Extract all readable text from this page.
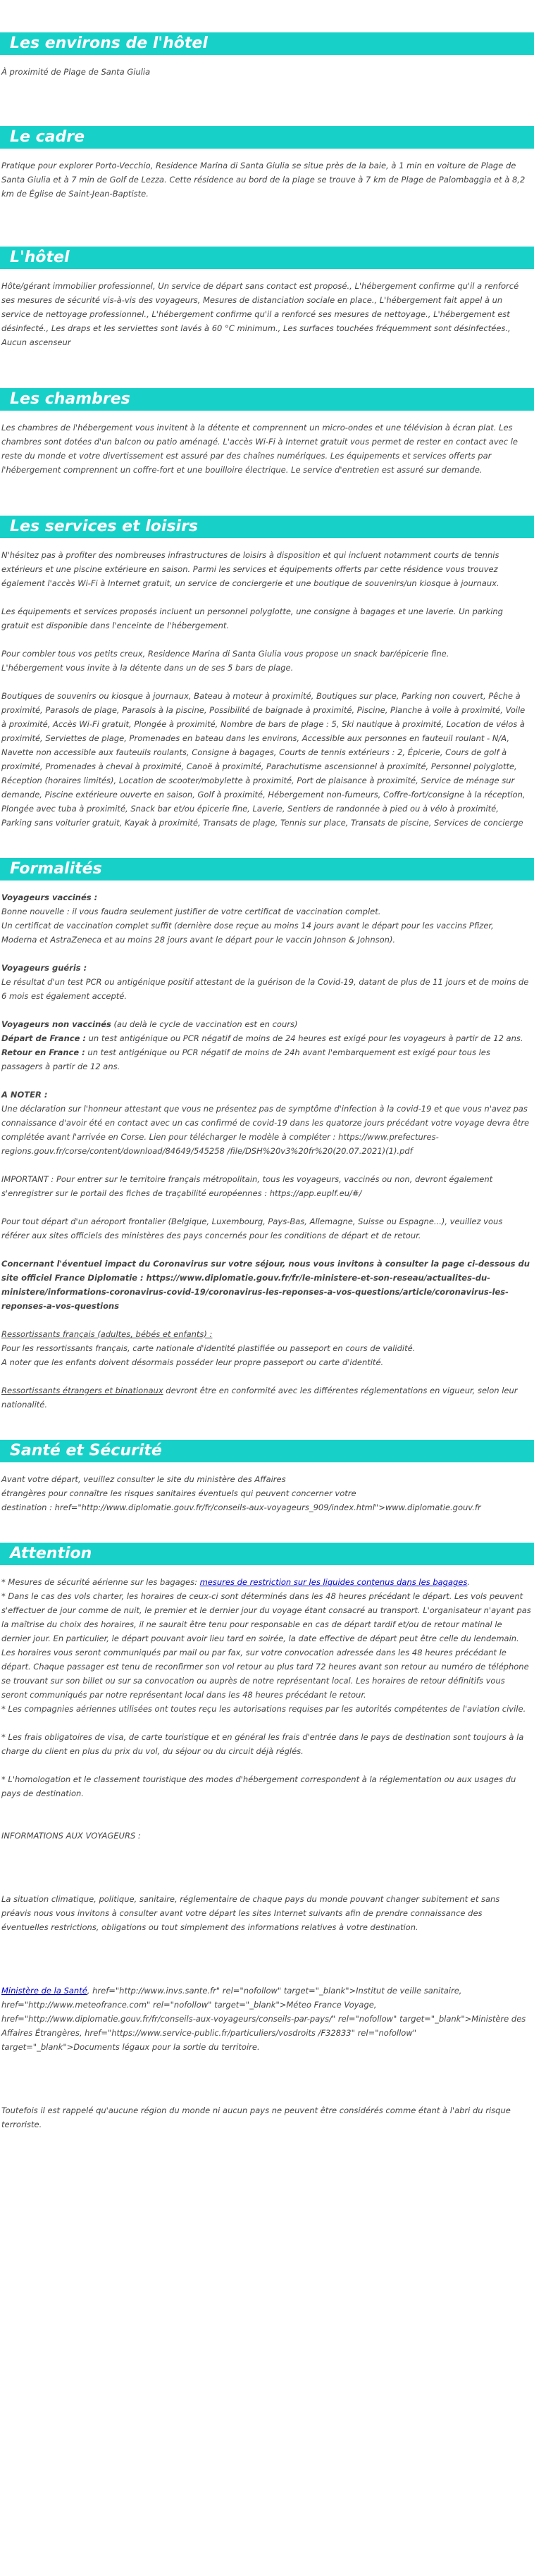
Les environs de l'hôtel

À proximité de Plage de Santa Giulia

Le cadre

Pratique pour explorer Porto-Vecchio, Residence Marina di Santa Giulia se situe près de la baie, à 1 min en voiture de Plage de Santa Giulia et à 7 min de Golf de Lezza. Cette résidence au bord de la plage se trouve à 7 km de Plage de Palombaggia et à 8,2 km de Église de Saint-Jean-Baptiste.

L'hôtel

Hôte/gérant immobilier professionnel, Un service de départ sans contact est proposé., L'hébergement confirme qu'il a renforcé ses mesures de sécurité vis-à-vis des voyageurs, Mesures de distanciation sociale en place., L'hébergement fait appel à un service de nettoyage professionnel., L'hébergement confirme qu'il a renforcé ses mesures de nettoyage., L'hébergement est désinfecté., Les draps et les serviettes sont lavés à 60 °C minimum., Les surfaces touchées fréquemment sont désinfectées., Aucun ascenseur

Les chambres

Les chambres de l'hébergement vous invitent à la détente et comprennent un micro-ondes et une télévision à écran plat. Les chambres sont dotées d'un balcon ou patio aménagé. L'accès Wi-Fi à Internet gratuit vous permet de rester en contact avec le reste du monde et votre divertissement est assuré par des chaînes numériques. Les équipements et services offerts par l'hébergement comprennent un coffre-fort et une bouilloire électrique. Le service d'entretien est assuré sur demande.

Les services et loisirs

N'hésitez pas à profiter des nombreuses infrastructures de loisirs à disposition et qui incluent notamment courts de tennis extérieurs et une piscine extérieure en saison. Parmi les services et équipements offerts par cette résidence vous trouvez également l'accès Wi-Fi à Internet gratuit, un service de conciergerie et une boutique de souvenirs/un kiosque à journaux.

Les équipements et services proposés incluent un personnel polyglotte, une consigne à bagages et une laverie. Un parking gratuit est disponible dans l'enceinte de l'hébergement.

Pour combler tous vos petits creux, Residence Marina di Santa Giulia vous propose un snack bar/épicerie fine.

L'hébergement vous invite à la détente dans un de ses 5 bars de plage.

Boutiques de souvenirs ou kiosque à journaux, Bateau à moteur à proximité, Boutiques sur place, Parking non couvert, Pêche à proximité, Parasols de plage, Parasols à la piscine, Possibilité de baignade à proximité, Piscine, Planche à voile à proximité, Voile à proximité, Accès Wi-Fi gratuit, Plongée à proximité, Nombre de bars de plage : 5, Ski nautique à proximité, Location de vélos à proximité, Serviettes de plage, Promenades en bateau dans les environs, Accessible aux personnes en fauteuil roulant - N/A, Navette non accessible aux fauteuils roulants, Consigne à bagages, Courts de tennis extérieurs : 2, Épicerie, Cours de golf à proximité, Promenades à cheval à proximité, Canoë à proximité, Parachutisme ascensionnel à proximité, Personnel polyglotte, Réception (horaires limités), Location de scooter/mobylette à proximité, Port de plaisance à proximité, Service de ménage sur demande, Piscine extérieure ouverte en saison, Golf à proximité, Hébergement non-fumeurs, Coffre-fort/consigne à la réception, Plongée avec tuba à proximité, Snack bar et/ou épicerie fine, Laverie, Sentiers de randonnée à pied ou à vélo à proximité, Parking sans voiturier gratuit, Kayak à proximité, Transats de plage, Tennis sur place, Transats de piscine, Services de concierge

Formalités

Voyageurs vaccinés :

Bonne nouvelle : il vous faudra seulement justifier de votre certificat de vaccination complet.

Un certificat de vaccination complet suffit (dernière dose reçue au moins 14 jours avant le départ pour les vaccins Pfizer, Moderna et AstraZeneca et au moins 28 jours avant le départ pour le vaccin Johnson & Johnson).

Voyageurs guéris :

Le résultat d'un test PCR ou antigénique positif attestant de la guérison de la Covid-19, datant de plus de 11 jours et de moins de 6 mois est également accepté.

Voyageurs non vaccinés (au delà le cycle de vaccination est en cours)

Départ de France : un test antigénique ou PCR négatif de moins de 24 heures est exigé pour les voyageurs à partir de 12 ans.

Retour en France : un test antigénique ou PCR négatif de moins de 24h avant l'embarquement est exigé pour tous les passagers à partir de 12 ans.

A NOTER :

Une déclaration sur l'honneur attestant que vous ne présentez pas de symptôme d'infection à la covid-19 et que vous n'avez pas connaissance d'avoir été en contact avec un cas confirmé de covid-19 dans les quatorze jours précédant votre voyage devra être complétée avant l'arrivée en Corse. Lien pour télécharger le modèle à compléter : https://www.prefectures-regions.gouv.fr/corse/content/download/84649/545258 /file/DSH%20v3%20fr%20(20.07.2021)(1).pdf

IMPORTANT : Pour entrer sur le territoire français métropolitain, tous les voyageurs, vaccinés ou non, devront également s'enregistrer sur le portail des fiches de traçabilité européennes : https://app.euplf.eu/#/

Pour tout départ d'un aéroport frontalier (Belgique, Luxembourg, Pays-Bas, Allemagne, Suisse ou Espagne...), veuillez vous référer aux sites officiels des ministères des pays concernés pour les conditions de départ et de retour.

Concernant l'éventuel impact du Coronavirus sur votre séjour, nous vous invitons à consulter la page ci-dessous du site officiel France Diplomatie : https://www.diplomatie.gouv.fr/fr/le-ministere-et-son-reseau/actualites-du-ministere/informations-coronavirus-covid-19/coronavirus-les-reponses-a-vos-questions/article/coronavirus-les-reponses-a-vos-questions

Ressortissants français (adultes, bébés et enfants) :

Pour les ressortissants français, carte nationale d'identité plastifiée ou passeport en cours de validité.

A noter que les enfants doivent désormais posséder leur propre passeport ou carte d'identité.

Ressortissants étrangers et binationaux devront être en conformité avec les différentes réglementations en vigueur, selon leur nationalité.

Santé et Sécurité

Avant votre départ, veuillez consulter le site du ministère des Affaires

étrangères pour connaître les risques sanitaires éventuels qui peuvent concerner votre

destination : href="http://www.diplomatie.gouv.fr/fr/conseils-aux-voyageurs_909/index.html">www.diplomatie.gouv.fr

Attention

* Mesures de sécurité aérienne sur les bagages: mesures de restriction sur les liquides contenus dans les bagages.

* Dans le cas des vols charter, les horaires de ceux-ci sont déterminés dans les 48 heures précédant le départ. Les vols peuvent s'effectuer de jour comme de nuit, le premier et le dernier jour du voyage étant consacré au transport. L'organisateur n'ayant pas la maîtrise du choix des horaires, il ne saurait être tenu pour responsable en cas de départ tardif et/ou de retour matinal le dernier jour. En particulier, le départ pouvant avoir lieu tard en soirée, la date effective de départ peut être celle du lendemain. Les horaires vous seront communiqués par mail ou par fax, sur votre convocation adressée dans les 48 heures précédant le départ. Chaque passager est tenu de reconfirmer son vol retour au plus tard 72 heures avant son retour au numéro de téléphone se trouvant sur son billet ou sur sa convocation ou auprès de notre représentant local. Les horaires de retour définitifs vous seront communiqués par notre représentant local dans les 48 heures précédant le retour.

* Les compagnies aériennes utilisées ont toutes reçu les autorisations requises par les autorités compétentes de l'aviation civile.

* Les frais obligatoires de visa, de carte touristique et en général les frais d'entrée dans le pays de destination sont toujours à la charge du client en plus du prix du vol, du séjour ou du circuit déjà réglés.

* L'homologation et le classement touristique des modes d'hébergement correspondent à la réglementation ou aux usages du pays de destination.

INFORMATIONS AUX VOYAGEURS :

La situation climatique, politique, sanitaire, réglementaire de chaque pays du monde pouvant changer subitement et sans préavis nous vous invitons à consulter avant votre départ les sites Internet suivants afin de prendre connaissance des éventuelles restrictions, obligations ou tout simplement des informations relatives à votre destination.

Ministère de la Santé, href="http://www.invs.sante.fr" rel="nofollow" target="_blank">Institut de veille sanitaire, href="http://www.meteofrance.com" rel="nofollow" target="_blank">Méteo France Voyage, href="http://www.diplomatie.gouv.fr/fr/conseils-aux-voyageurs/conseils-par-pays/" rel="nofollow" target="_blank">Ministère des Affaires Étrangères, href="https://www.service-public.fr/particuliers/vosdroits /F32833" rel="nofollow" target="_blank">Documents légaux pour la sortie du territoire.

Toutefois il est rappelé qu'aucune région du monde ni aucun pays ne peuvent être considérés comme étant à l'abri du risque terroriste.
